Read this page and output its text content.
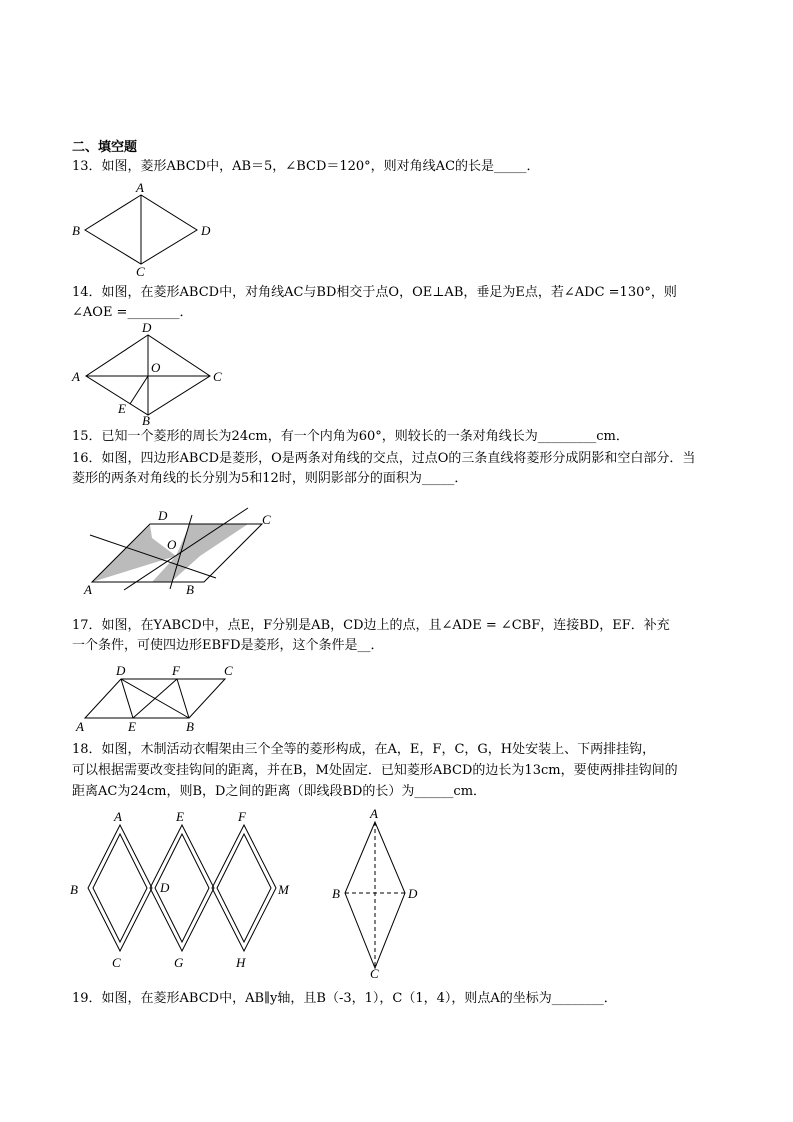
二、填空题
13．如图，菱形ABCD中，AB＝5，∠BCD＝120°，则对角线AC的长是_____．
A
B
C
D
14．如图，在菱形ABCD中，对角线AC与BD相交于点O，OE⊥AB，垂足为E点，若∠ADC =130°，则
∠AOE =________．
D
A
O
C
E
B
15．已知一个菱形的周长为24cm，有一个内角为60°，则较长的一条对角线长为_________cm．
16．如图，四边形ABCD是菱形，O是两条对角线的交点，过点O的三条直线将菱形分成阴影和空白部分．当
菱形的两条对角线的长分别为5和12时，则阴影部分的面积为_____．
D	C
O
A	B
17．如图，在ΥABCD中，点E，F分别是AB，CD边上的点，且∠ADE = ∠CBF，连接BD，EF．补充
一个条件，可使四边形EBFD是菱形，这个条件是__．
D	F	C
A	E	B
18．如图，木制活动衣帽架由三个全等的菱形构成，在A，E，F，C，G，H处安装上、下两排挂钩，
可以根据需要改变挂钩间的距离，并在B，M处固定．已知菱形ABCD的边长为13cm，要使两排挂钩间的
距离AC为24cm，则B，D之间的距离（即线段BD的长）为______cm．
A	E	F
B	D	M
C	G	H
A
B	D
C
19．如图，在菱形ABCD中，AB∥y轴，且B（-3，1），C（1，4），则点A的坐标为________．
